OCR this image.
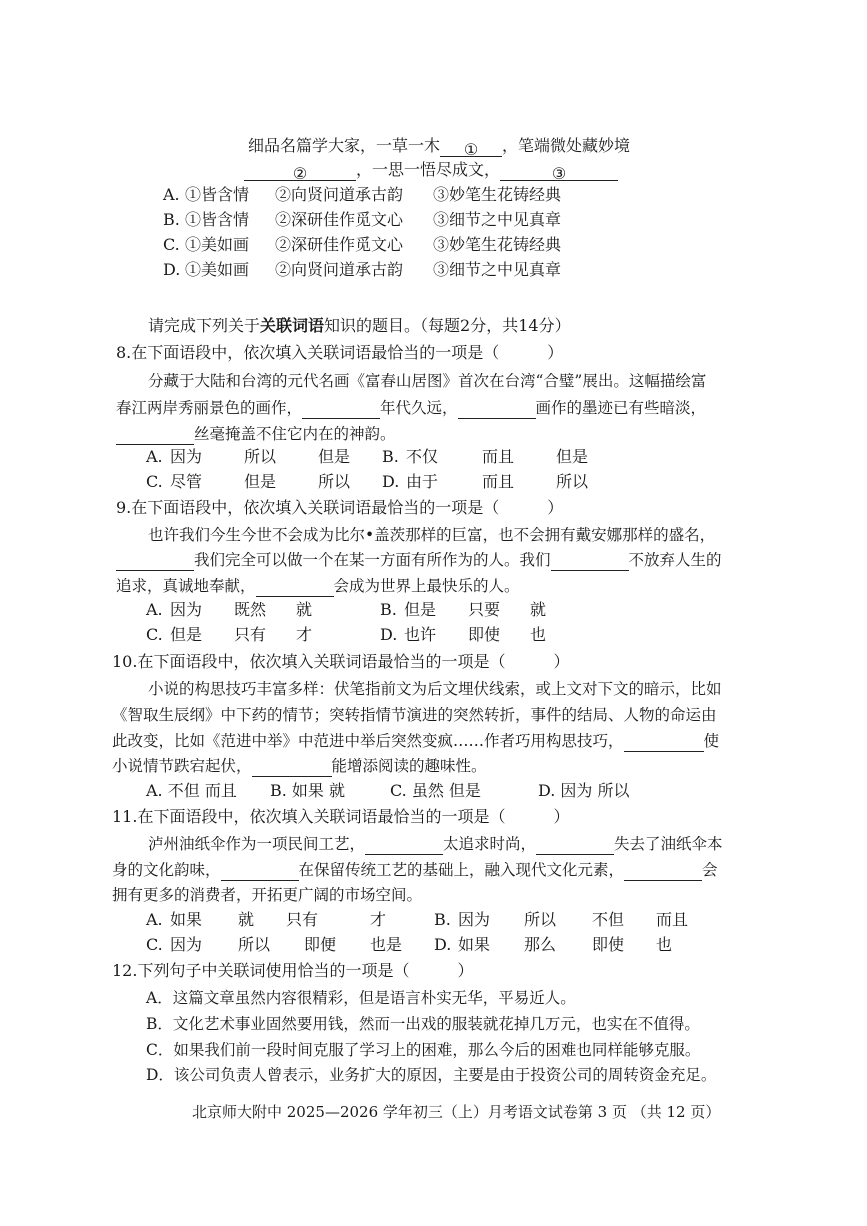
细品名篇学大家，一草一木 ① ，笔端微处藏妙境
②	，一思一悟尽成文，	③
A. ①皆含情 ②向贤问道承古韵 ③妙笔生花铸经典
B. ①皆含情 ②深研佳作觅文心 ③细节之中见真章
C. ①美如画 ②深研佳作觅文心 ③妙笔生花铸经典
D. ①美如画 ②向贤问道承古韵 ③细节之中见真章
请完成下列关于关联词语知识的题目。（每题2分，共14分）
8.在下面语段中，依次填入关联词语最恰当的一项是（　　　）
分藏于大陆和台湾的元代名画《富春山居图》首次在台湾“合璧”展出。这幅描绘富
春江两岸秀丽景色的画作，	年代久远，	画作的墨迹已有些暗淡，
丝毫掩盖不住它内在的神韵。
A. 因为	所以	但是 B. 不仅	而且	但是
C. 尽管	但是	所以 D. 由于	而且	所以
9.在下面语段中，依次填入关联词语最恰当的一项是（　　　）
也许我们今生今世不会成为比尔•盖茨那样的巨富，也不会拥有戴安娜那样的盛名，
我们完全可以做一个在某一方面有所作为的人。我们	不放弃人生的
追求，真诚地奉献，	会成为世界上最快乐的人。
A. 因为 既然 就	B. 但是 只要 就
C. 但是 只有 才	D. 也许 即使 也
10.在下面语段中，依次填入关联词语最恰当的一项是（　　　）
小说的构思技巧丰富多样：伏笔指前文为后文埋伏线索，或上文对下文的暗示，比如
《智取生辰纲》中下药的情节；突转指情节演进的突然转折，事件的结局、人物的命运由
此改变，比如《范进中举》中范进中举后突然变疯……作者巧用构思技巧，	使
小说情节跌宕起伏，	能增添阅读的趣味性。
A. 不但 而且 B. 如果 就	C. 虽然 但是	D. 因为 所以
11.在下面语段中，依次填入关联词语最恰当的一项是（　　　）
泸州油纸伞作为一项民间工艺，	太追求时尚，	失去了油纸伞本
身的文化韵味，	在保留传统工艺的基础上，融入现代文化元素，	会
拥有更多的消费者，开拓更广阔的市场空间。
A. 如果 就 只有	才	B. 因为 所以 不但 而且
C. 因为 所以 即便 也是 D. 如果 那么 即使 也
12.下列句子中关联词使用恰当的一项是（　　　）
A．这篇文章虽然内容很精彩，但是语言朴实无华，平易近人。
B．文化艺术事业固然要用钱，然而一出戏的服装就花掉几万元，也实在不值得。
C．如果我们前一段时间克服了学习上的困难，那么今后的困难也同样能够克服。
D．该公司负责人曾表示，业务扩大的原因，主要是由于投资公司的周转资金充足。
北京师大附中 2025—2026 学年初三（上）月考语文试卷第 3 页 （共 12 页）
